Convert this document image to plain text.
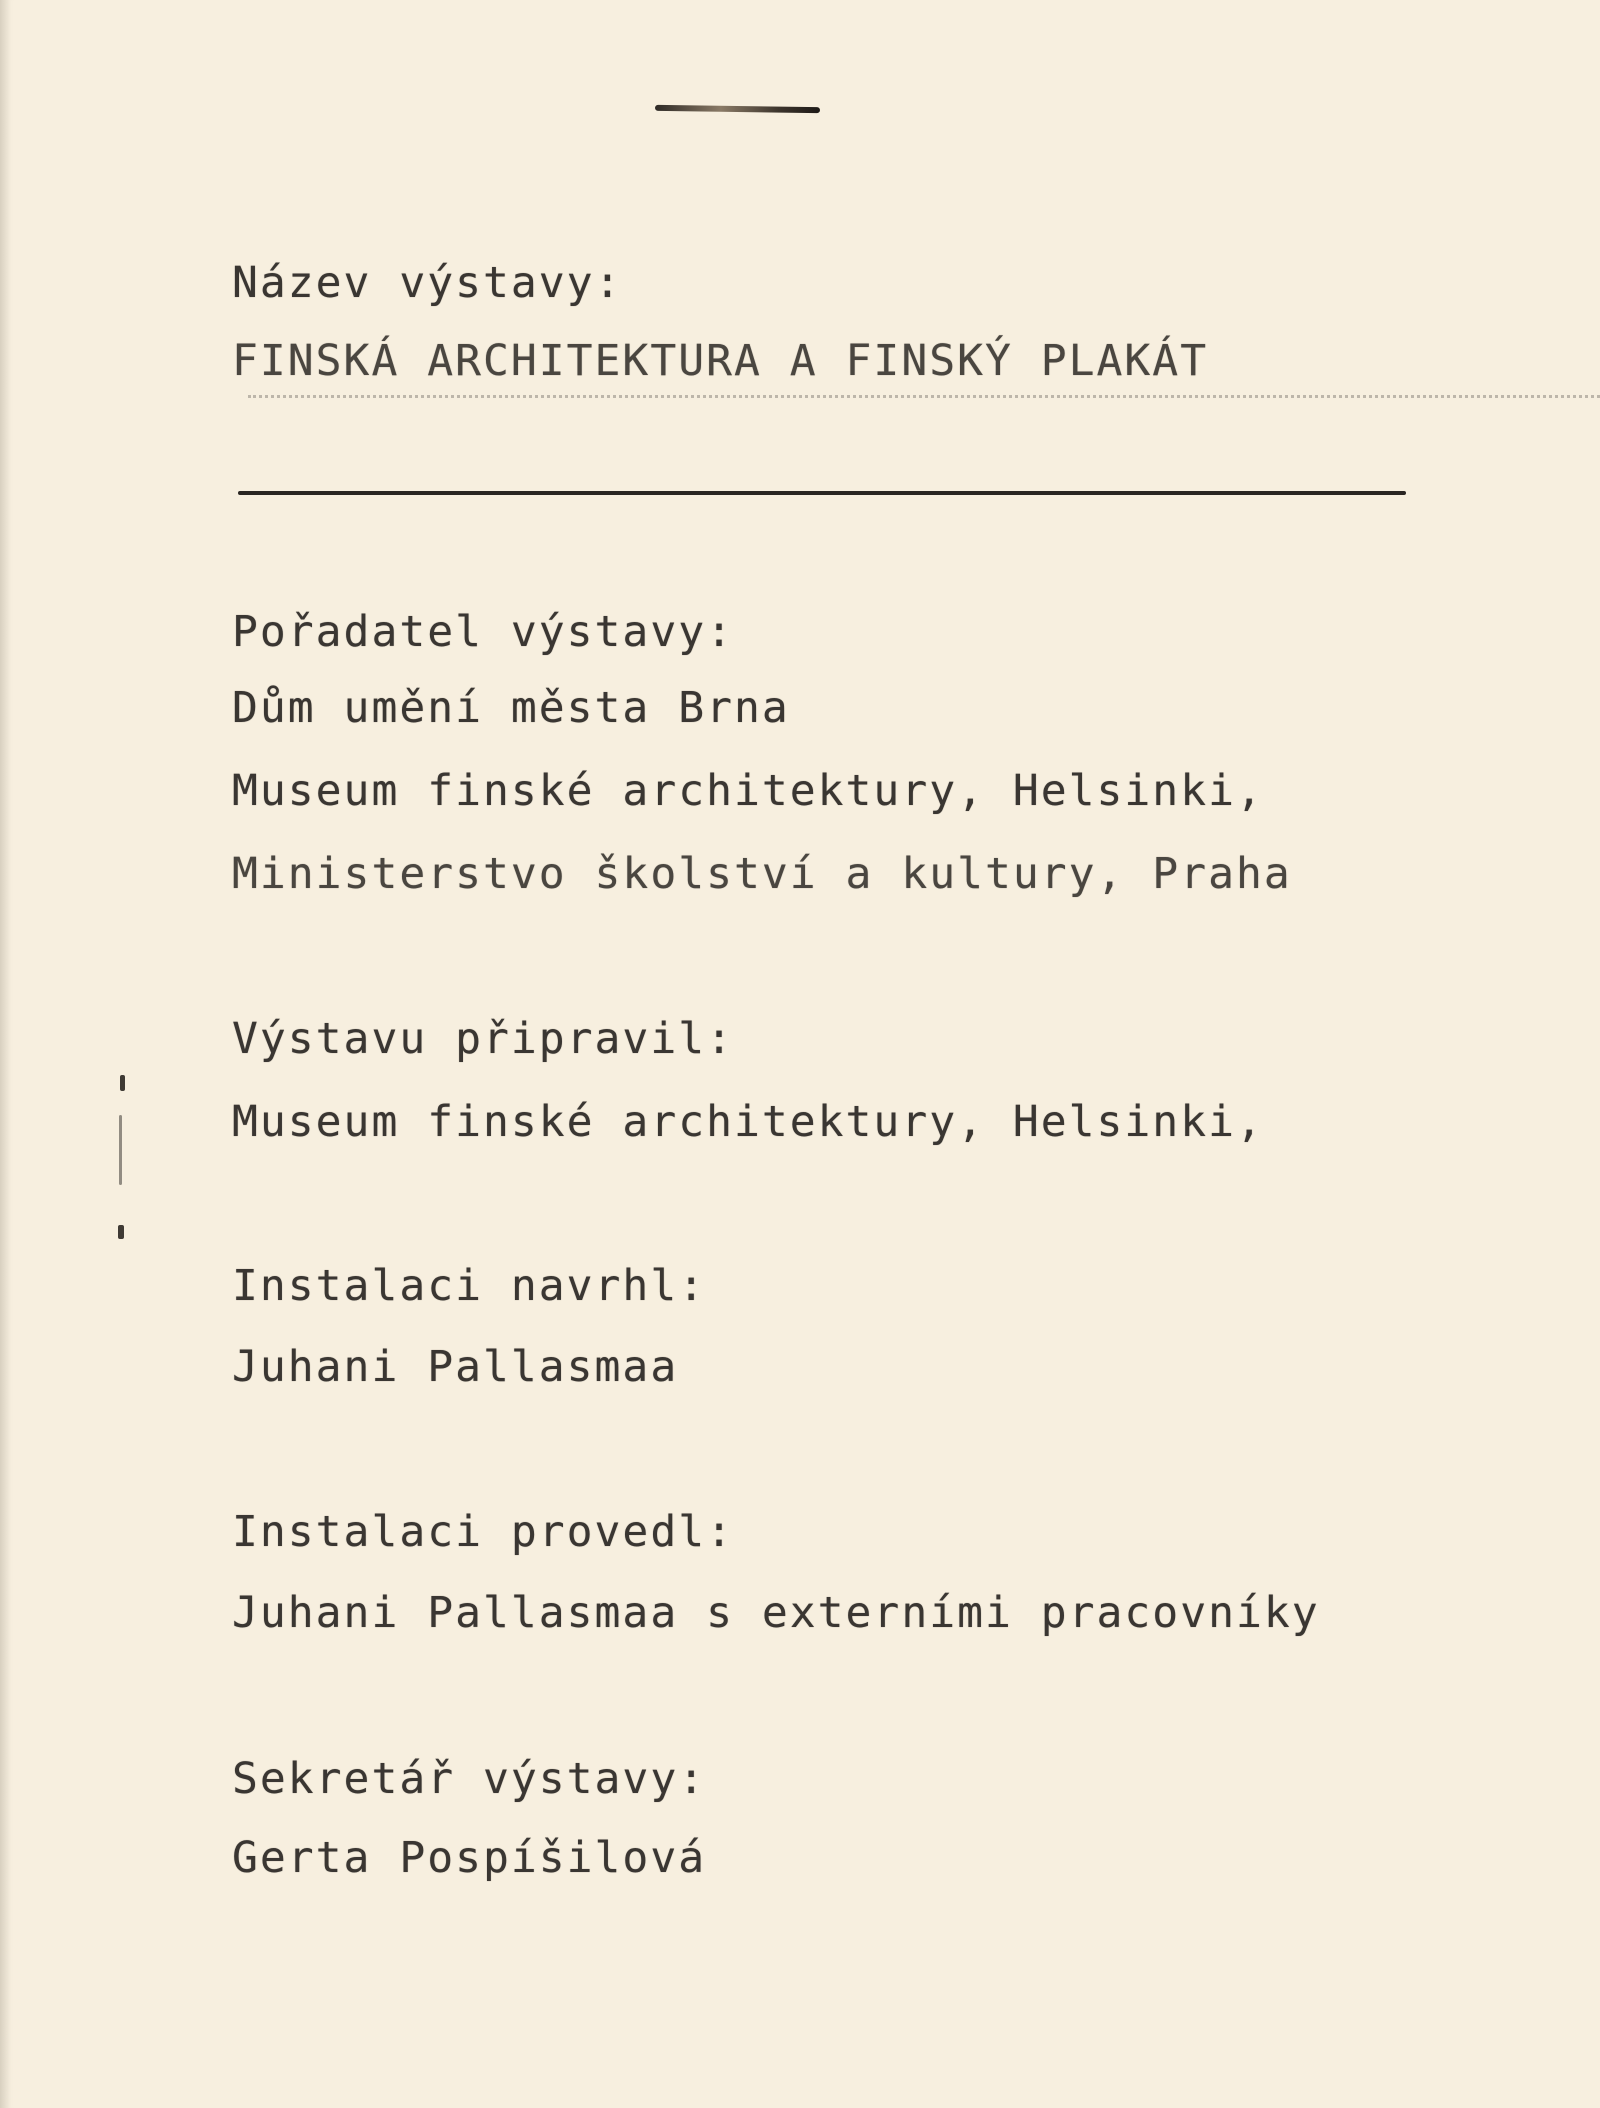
Název výstavy:
FINSKÁ ARCHITEKTURA A FINSKÝ PLAKÁT
Pořadatel výstavy:
Dům umění města Brna
Museum finské architektury, Helsinki,
Ministerstvo školství a kultury, Praha
Výstavu připravil:
Museum finské architektury, Helsinki,
Instalaci navrhl:
Juhani Pallasmaa
Instalaci provedl:
Juhani Pallasmaa s externími pracovníky
Sekretář výstavy:
Gerta Pospíšilová
